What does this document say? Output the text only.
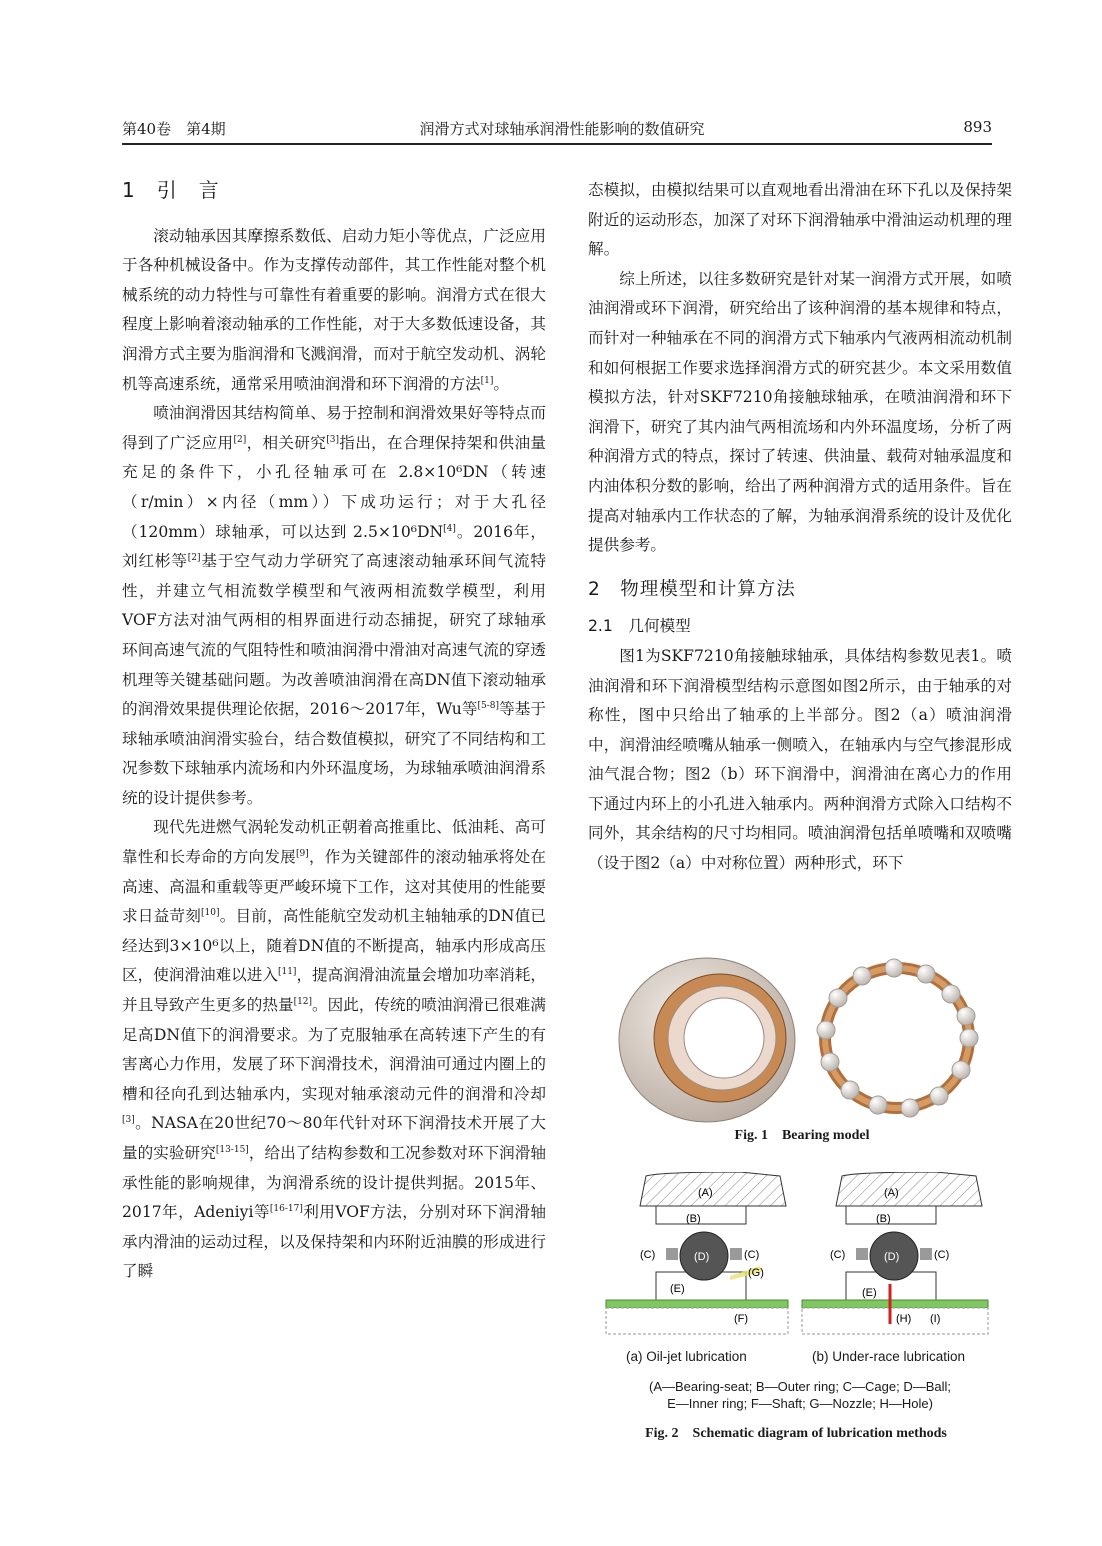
第40卷　第4期	润滑方式对球轴承润滑性能影响的数值研究	893
1　引　言

滚动轴承因其摩擦系数低、启动力矩小等优点，广泛应用于各种机械设备中。作为支撑传动部件，其工作性能对整个机械系统的动力特性与可靠性有着重要的影响。润滑方式在很大程度上影响着滚动轴承的工作性能，对于大多数低速设备，其润滑方式主要为脂润滑和飞溅润滑，而对于航空发动机、涡轮机等高速系统，通常采用喷油润滑和环下润滑的方法[1]。

喷油润滑因其结构简单、易于控制和润滑效果好等特点而得到了广泛应用[2]，相关研究[3]指出，在合理保持架和供油量充足的条件下，小孔径轴承可在 2.8×10⁶DN（转速（r/min）×内径（mm））下成功运行；对于大孔径（120mm）球轴承，可以达到 2.5×10⁶DN[4]。2016年，刘红彬等[2]基于空气动力学研究了高速滚动轴承环间气流特性，并建立气相流数学模型和气液两相流数学模型，利用VOF方法对油气两相的相界面进行动态捕捉，研究了球轴承环间高速气流的气阻特性和喷油润滑中滑油对高速气流的穿透机理等关键基础问题。为改善喷油润滑在高DN值下滚动轴承的润滑效果提供理论依据，2016～2017年，Wu等[5-8]等基于球轴承喷油润滑实验台，结合数值模拟，研究了不同结构和工况参数下球轴承内流场和内外环温度场，为球轴承喷油润滑系统的设计提供参考。

现代先进燃气涡轮发动机正朝着高推重比、低油耗、高可靠性和长寿命的方向发展[9]，作为关键部件的滚动轴承将处在高速、高温和重载等更严峻环境下工作，这对其使用的性能要求日益苛刻[10]。目前，高性能航空发动机主轴轴承的DN值已经达到3×10⁶以上，随着DN值的不断提高，轴承内形成高压区，使润滑油难以进入[11]，提高润滑油流量会增加功率消耗，并且导致产生更多的热量[12]。因此，传统的喷油润滑已很难满足高DN值下的润滑要求。为了克服轴承在高转速下产生的有害离心力作用，发展了环下润滑技术，润滑油可通过内圈上的槽和径向孔到达轴承内，实现对轴承滚动元件的润滑和冷却[3]。NASA在20世纪70～80年代针对环下润滑技术开展了大量的实验研究[13-15]，给出了结构参数和工况参数对环下润滑轴承性能的影响规律，为润滑系统的设计提供判据。2015年、2017年，Adeniyi等[16-17]利用VOF方法，分别对环下润滑轴承内滑油的运动过程，以及保持架和内环附近油膜的形成进行了瞬

态模拟，由模拟结果可以直观地看出滑油在环下孔以及保持架附近的运动形态，加深了对环下润滑轴承中滑油运动机理的理解。

综上所述，以往多数研究是针对某一润滑方式开展，如喷油润滑或环下润滑，研究给出了该种润滑的基本规律和特点，而针对一种轴承在不同的润滑方式下轴承内气液两相流动机制和如何根据工作要求选择润滑方式的研究甚少。本文采用数值模拟方法，针对SKF7210角接触球轴承，在喷油润滑和环下润滑下，研究了其内油气两相流场和内外环温度场，分析了两种润滑方式的特点，探讨了转速、供油量、载荷对轴承温度和内油体积分数的影响，给出了两种润滑方式的适用条件。旨在提高对轴承内工作状态的了解，为轴承润滑系统的设计及优化提供参考。

2　物理模型和计算方法
2.1　几何模型

图1为SKF7210角接触球轴承，具体结构参数见表1。喷油润滑和环下润滑模型结构示意图如图2所示，由于轴承的对称性，图中只给出了轴承的上半部分。图2（a）喷油润滑中，润滑油经喷嘴从轴承一侧喷入，在轴承内与空气掺混形成油气混合物；图2（b）环下润滑中，润滑油在离心力的作用下通过内环上的小孔进入轴承内。两种润滑方式除入口结构不同外，其余结构的尺寸均相同。喷油润滑包括单喷嘴和双喷嘴（设于图2（a）中对称位置）两种形式，环下

Fig. 1　Bearing model
(A)
(B)
(C)	(C)
(D)
(G)
(E)
(F)
(A)
(B)
(C)	(C)
(D)
(E)
(H) (I)
(a) Oil-jet lubrication	(b) Under-race lubrication
(A—Bearing-seat; B—Outer ring; C—Cage; D—Ball;
E—Inner ring; F—Shaft; G—Nozzle; H—Hole)
Fig. 2　Schematic diagram of lubrication methods
